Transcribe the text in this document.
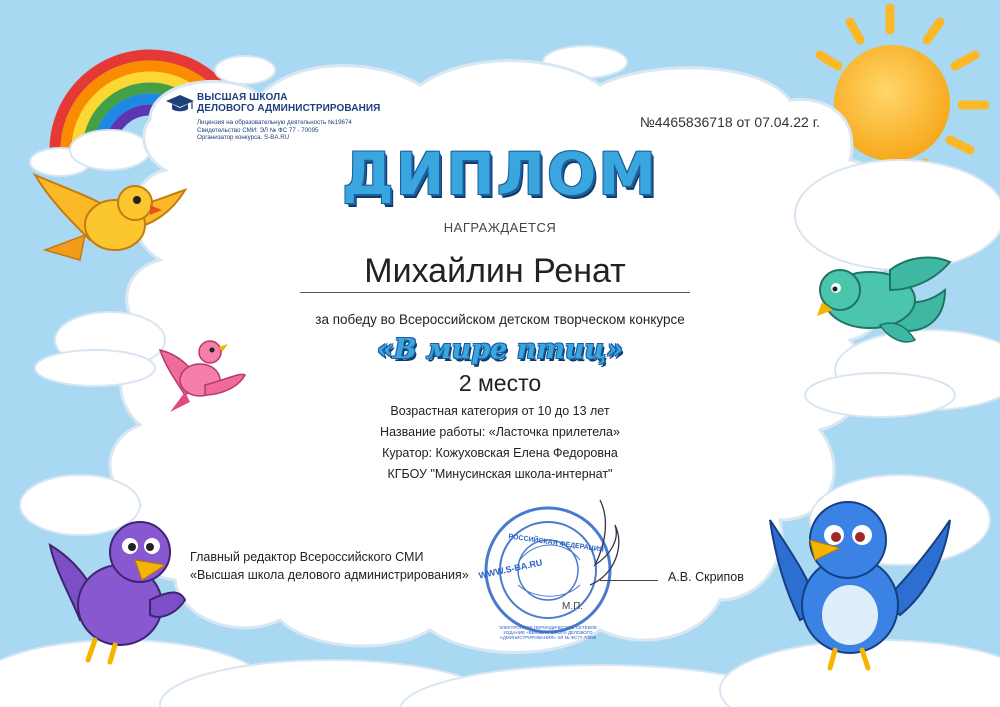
ВЫСШАЯ ШКОЛА
ДЕЛОВОГО АДМИНИСТРИРОВАНИЯ
Лицензия на образовательную деятельность №19674
Свидетельство СМИ: ЭЛ № ФС 77 - 70095
Организатор конкурса. S-BA.RU
№4465836718 от 07.04.22 г.
ДИПЛОМ
НАГРАЖДАЕТСЯ
Михайлин Ренат
за победу во Всероссийском детском творческом конкурсе
«В мире птиц»
2 место
Возрастная категория от 10 до 13 лет
Название работы: «Ласточка прилетела»
Куратор: Кожуховская Елена Федоровна
КГБОУ "Минусинская школа-интернат"
Главный редактор Всероссийского СМИ
«Высшая школа делового администрирования» WWW.S-BA.RU
РОССИЙСКАЯ ФЕДЕРАЦИЯ
ЭЛЕКТРОННОЕ ПЕРИОДИЧЕСКОЕ СЕТЕВОЕ ИЗДАНИЕ «ВЫСШАЯ ШКОЛА ДЕЛОВОГО АДМИНИСТРИРОВАНИЯ» ЭЛ № ФС77-70095
М.П.
А.В. Скрипов
